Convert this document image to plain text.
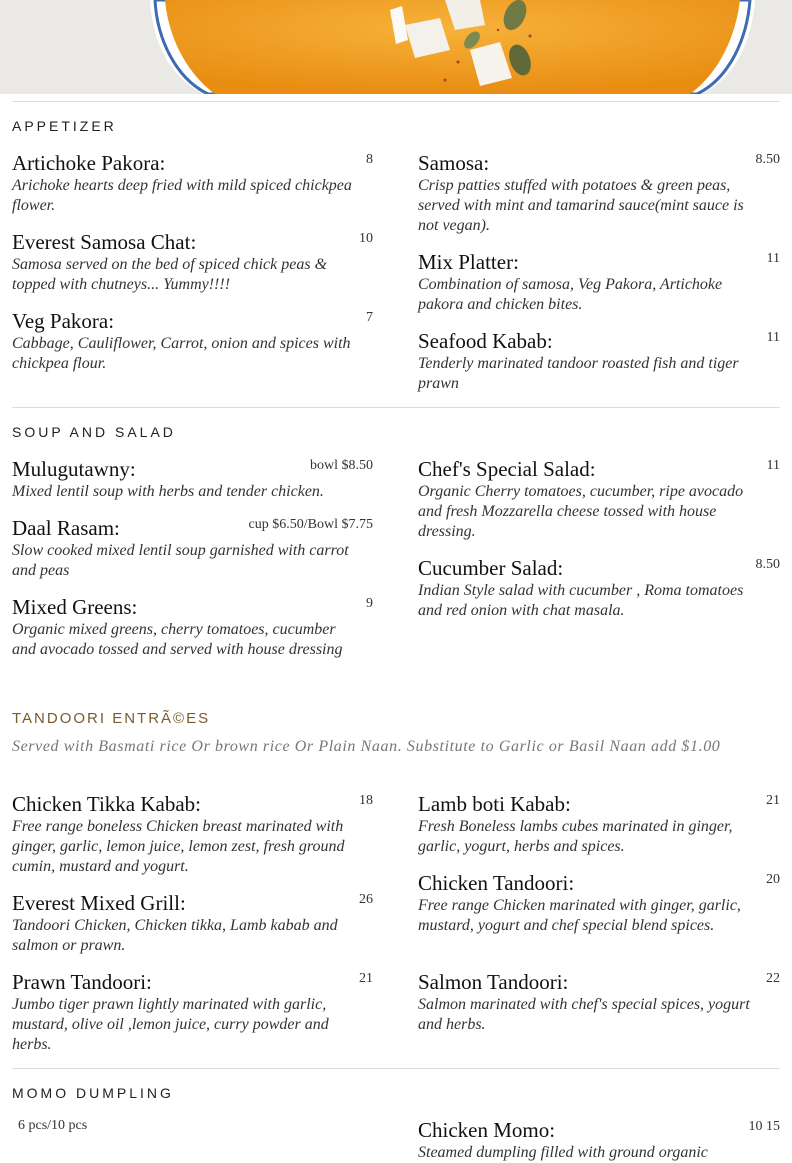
APPETIZER
Artichoke Pakora:
Arichoke hearts deep fried with mild spiced chickpea flower.
8
Everest Samosa Chat:
Samosa served on the bed of spiced chick peas & topped with chutneys... Yummy!!!!
10
Veg Pakora:
Cabbage, Cauliflower, Carrot, onion and spices with chickpea flour.
7
Samosa:
Crisp patties stuffed with potatoes & green peas, served with mint and tamarind sauce(mint sauce is not vegan).
8.50
Mix Platter:
Combination of samosa, Veg Pakora, Artichoke pakora and chicken bites.
11
Seafood Kabab:
Tenderly marinated tandoor roasted fish and tiger prawn
11
SOUP AND SALAD
Mulugutawny:
Mixed lentil soup with herbs and tender chicken.
bowl $8.50
Daal Rasam:
Slow cooked mixed lentil soup garnished with carrot and peas
cup $6.50/Bowl $7.75
Mixed Greens:
Organic mixed greens, cherry tomatoes, cucumber and avocado tossed and served with house dressing
9
Chef's Special Salad:
Organic Cherry tomatoes, cucumber, ripe avocado and fresh Mozzarella cheese tossed with house dressing.
11
Cucumber Salad:
Indian Style salad with cucumber , Roma tomatoes and red onion with chat masala.
8.50
TANDOORI ENTRÃ©ES
Served with Basmati rice Or brown rice Or Plain Naan. Substitute to Garlic or Basil Naan add $1.00
Chicken Tikka Kabab:
Free range boneless Chicken breast marinated with ginger, garlic, lemon juice, lemon zest, fresh ground cumin, mustard and yogurt.
18
Everest Mixed Grill:
Tandoori Chicken, Chicken tikka, Lamb kabab and salmon or prawn.
26
Prawn Tandoori:
Jumbo tiger prawn lightly marinated with garlic, mustard, olive oil ,lemon juice, curry powder and herbs.
21
Lamb boti Kabab:
Fresh Boneless lambs cubes marinated in ginger, garlic, yogurt, herbs and spices.
21
Chicken Tandoori:
Free range Chicken marinated with ginger, garlic, mustard, yogurt and chef special blend spices.
20
Salmon Tandoori:
Salmon marinated with chef's special spices, yogurt and herbs.
22
MOMO DUMPLING
6 pcs/10 pcs	Chicken Momo:
Steamed dumpling filled with ground organic
10 15
